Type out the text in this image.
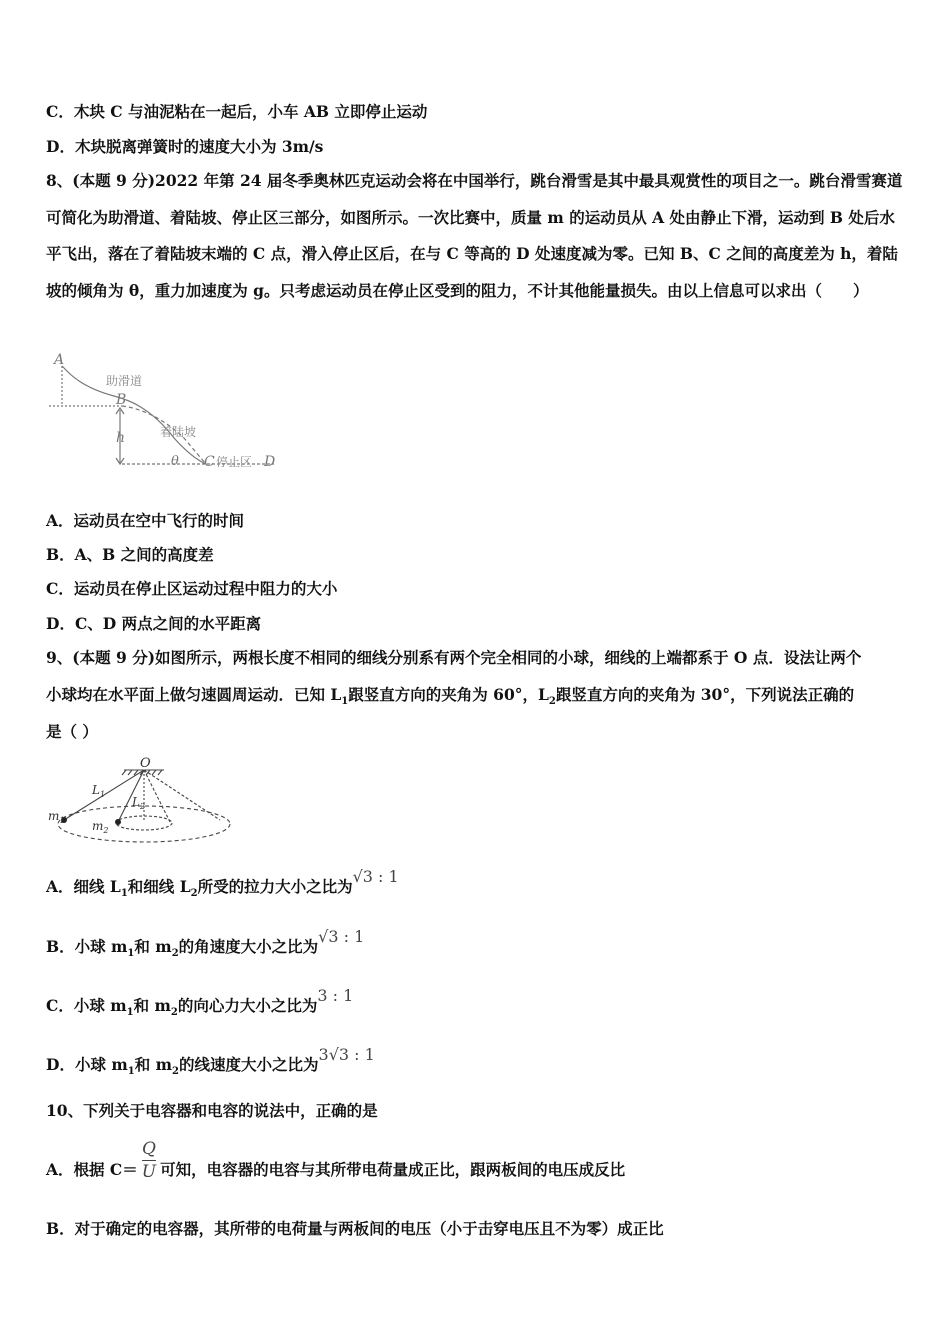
C．木块 C 与油泥粘在一起后，小车 AB 立即停止运动
D．木块脱离弹簧时的速度大小为 3m/s
8、(本题 9 分)2022 年第 24 届冬季奥林匹克运动会将在中国举行，跳台滑雪是其中最具观赏性的项目之一。跳台滑雪赛道可简化为助滑道、着陆坡、停止区三部分，如图所示。一次比赛中，质量 m 的运动员从 A 处由静止下滑，运动到 B 处后水平飞出，落在了着陆坡末端的 C 点，滑入停止区后，在与 C 等高的 D 处速度减为零。已知 B、C 之间的高度差为 h，着陆坡的倾角为 θ，重力加速度为 g。只考虑运动员在停止区受到的阻力，不计其他能量损失。由以上信息可以求出（　　）
A
B
C	D
h
θ
助滑道
着陆坡
停止区
A．运动员在空中飞行的时间
B．A、B 之间的高度差
C．运动员在停止区运动过程中阻力的大小
D．C、D 两点之间的水平距离
9、(本题 9 分)如图所示，两根长度不相同的细线分别系有两个完全相同的小球，细线的上端都系于 O 点．设法让两个
小球均在水平面上做匀速圆周运动．已知 $L_1$跟竖直方向的夹角为 60°，$L_2$跟竖直方向的夹角为 30°，下列说法正确的
是（ ）
O
$L_1$
$L_2$
$m_1$ $m_2$
A．细线 $L_1$和细线 $L_2$所受的拉力大小之比为√3 : 1
B．小球 $m_1$和 $m_2$的角速度大小之比为√3 : 1
C．小球 $m_1$和 $m_2$的向心力大小之比为3 : 1
D．小球 $m_1$和 $m_2$的线速度大小之比为3√3 : 1
10、下列关于电容器和电容的说法中，正确的是
A．根据 $C= \frac{Q}{U}$ 可知，电容器的电容与其所带电荷量成正比，跟两板间的电压成反比
B．对于确定的电容器，其所带的电荷量与两板间的电压（小于击穿电压且不为零）成正比
